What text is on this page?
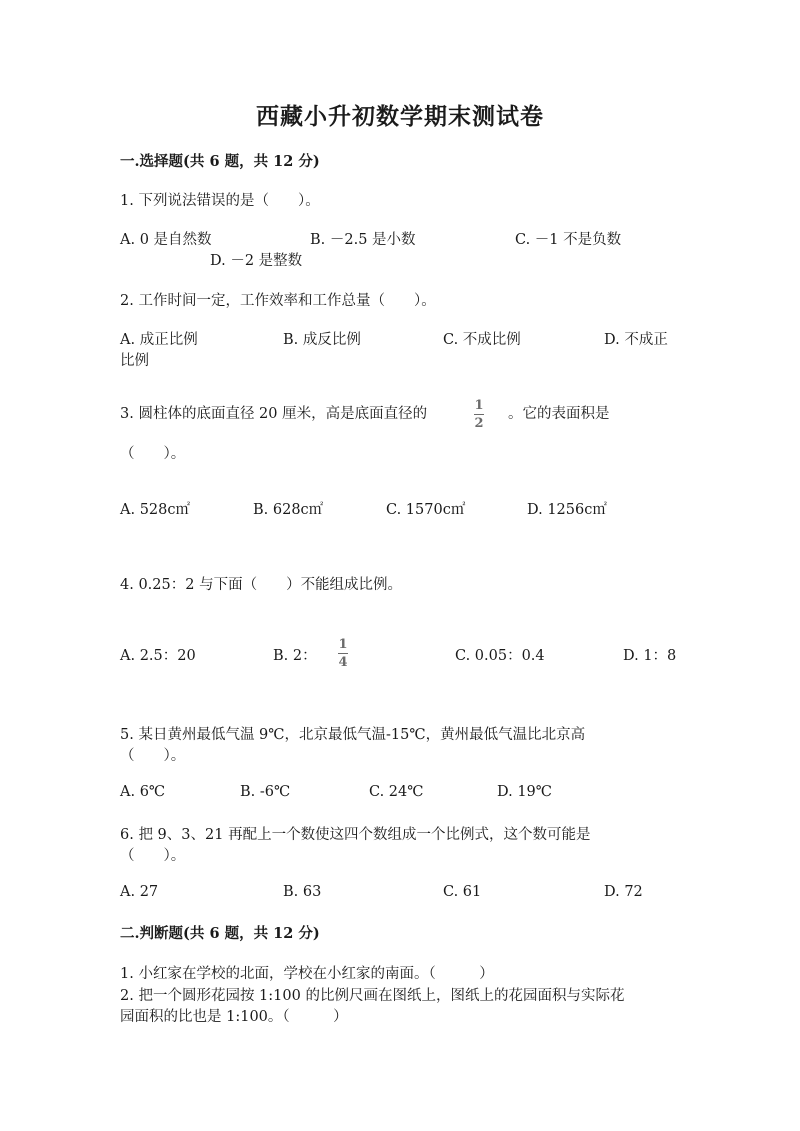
西藏小升初数学期末测试卷
一.选择题(共 6 题，共 12 分)
1. 下列说法错误的是（　　）。
A. 0 是自然数	B. －2.5 是小数	C. －1 不是负数
D. －2 是整数
2. 工作时间一定，工作效率和工作总量（　　）。
A. 成正比例	B. 成反比例	C. 不成比例	D. 不成正
比例
3. 圆柱体的底面直径 20 厘米，高是底面直径的
1
2
。它的表面积是
（　　）。
A. 528c㎡	B. 628c㎡	C. 1570c㎡	D. 1256c㎡
4. 0.25：2 与下面（　　）不能组成比例。
A. 2.5：20	B. 2：
1
4	C. 0.05：0.4	D. 1：8
5. 某日黄州最低气温 9℃，北京最低气温-15℃，黄州最低气温比北京高
（　　）。
A. 6℃	B. -6℃	C. 24℃	D. 19℃
6. 把 9、3、21 再配上一个数使这四个数组成一个比例式，这个数可能是
（　　）。
A. 27	B. 63	C. 61	D. 72
二.判断题(共 6 题，共 12 分)
1. 小红家在学校的北面，学校在小红家的南面。（　　　）
2. 把一个圆形花园按 1:100 的比例尺画在图纸上，图纸上的花园面积与实际花
园面积的比也是 1:100。（　　　）
